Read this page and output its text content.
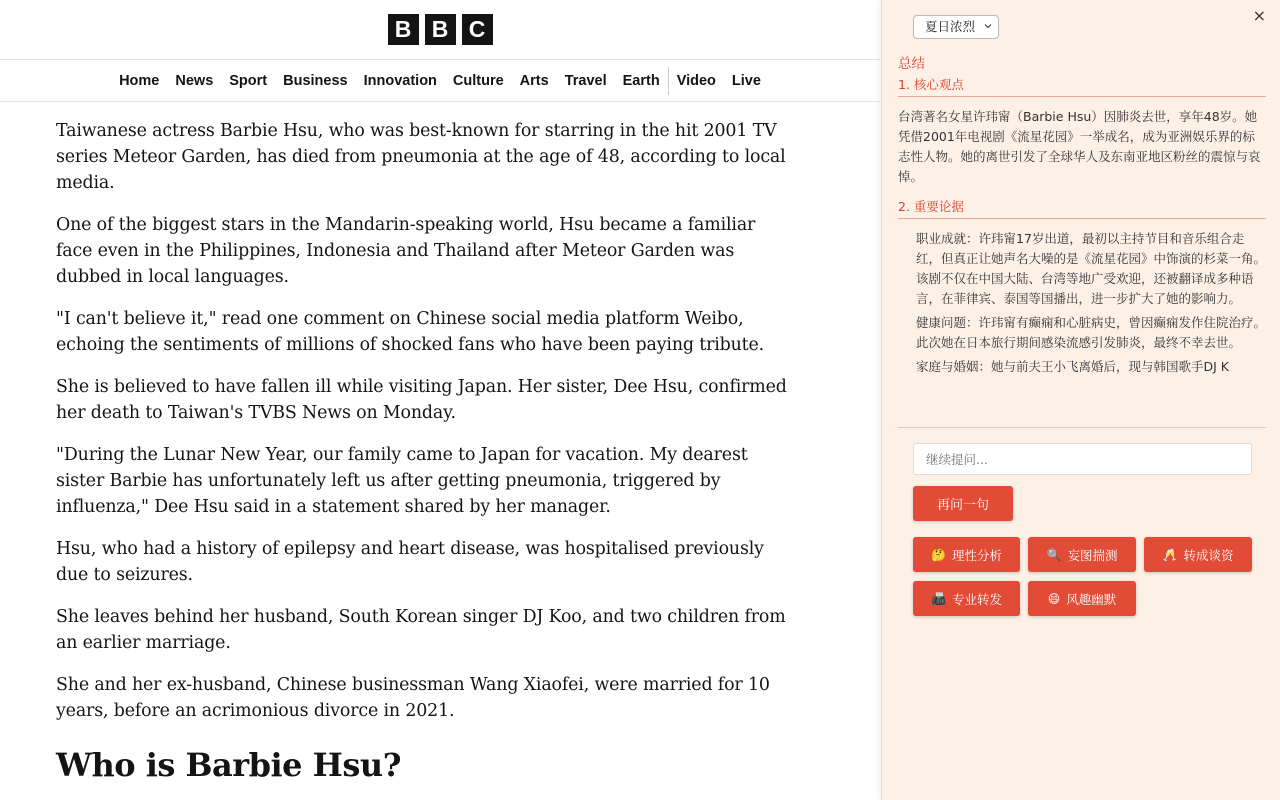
B B C
Home	News	Sport	Business	Innovation	Culture	Arts	Travel	Earth	Video	Live

Taiwanese actress Barbie Hsu, who was best-known for starring in the hit 2001 TV series Meteor Garden, has died from pneumonia at the age of 48, according to local media.

One of the biggest stars in the Mandarin-speaking world, Hsu became a familiar face even in the Philippines, Indonesia and Thailand after Meteor Garden was dubbed in local languages.

"I can't believe it," read one comment on Chinese social media platform Weibo, echoing the sentiments of millions of shocked fans who have been paying tribute.

She is believed to have fallen ill while visiting Japan. Her sister, Dee Hsu, confirmed her death to Taiwan's TVBS News on Monday.

"During the Lunar New Year, our family came to Japan for vacation. My dearest sister Barbie has unfortunately left us after getting pneumonia, triggered by influenza," Dee Hsu said in a statement shared by her manager.

Hsu, who had a history of epilepsy and heart disease, was hospitalised previously due to seizures.

She leaves behind her husband, South Korean singer DJ Koo, and two children from an earlier marriage.

She and her ex-husband, Chinese businessman Wang Xiaofei, were married for 10 years, before an acrimonious divorce in 2021.

Who is Barbie Hsu?
×
夏日浓烈
总结
1. 核心观点
台湾著名女星许玮甯（Barbie Hsu）因肺炎去世，享年48岁。她凭借2001年电视剧《流星花园》一举成名，成为亚洲娱乐界的标志性人物。她的离世引发了全球华人及东南亚地区粉丝的震惊与哀悼。
2. 重要论据
职业成就：许玮甯17岁出道，最初以主持节目和音乐组合走红，但真正让她声名大噪的是《流星花园》中饰演的杉菜一角。该剧不仅在中国大陆、台湾等地广受欢迎，还被翻译成多种语言，在菲律宾、泰国等国播出，进一步扩大了她的影响力。
健康问题：许玮甯有癫痫和心脏病史，曾因癫痫发作住院治疗。此次她在日本旅行期间感染流感引发肺炎，最终不幸去世。
家庭与婚姻：她与前夫王小飞离婚后，现与韩国歌手DJ K
继续提问...
再问一句
🤔 理性分析	🔍 妄图揣测	🥂 转成谈资
📠 专业转发	😄 风趣幽默
